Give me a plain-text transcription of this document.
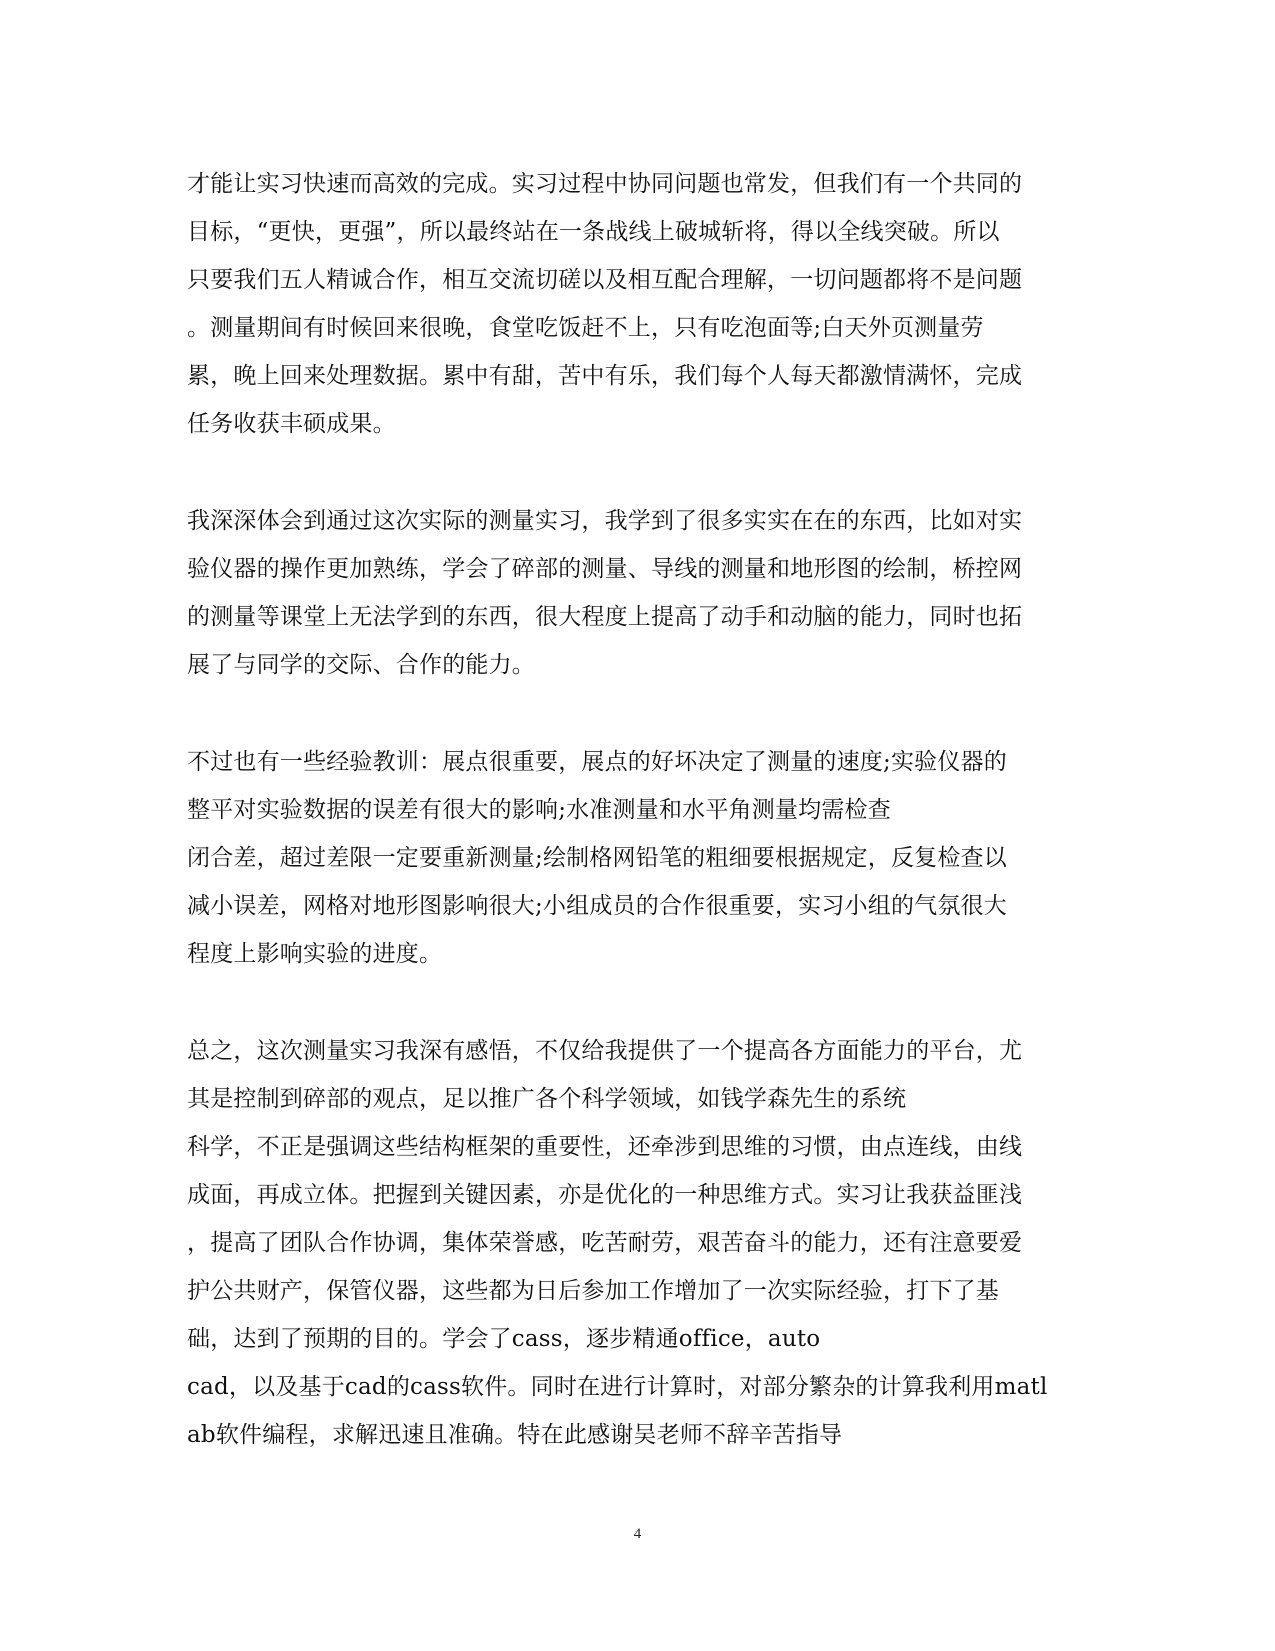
才能让实习快速而高效的完成。实习过程中协同问题也常发，但我们有一个共同的
目标，“更快，更强”，所以最终站在一条战线上破城斩将，得以全线突破。所以
只要我们五人精诚合作，相互交流切磋以及相互配合理解，一切问题都将不是问题
。测量期间有时候回来很晚，食堂吃饭赶不上，只有吃泡面等;白天外页测量劳
累，晚上回来处理数据。累中有甜，苦中有乐，我们每个人每天都激情满怀，完成
任务收获丰硕成果。
我深深体会到通过这次实际的测量实习，我学到了很多实实在在的东西，比如对实
验仪器的操作更加熟练，学会了碎部的测量、导线的测量和地形图的绘制，桥控网
的测量等课堂上无法学到的东西，很大程度上提高了动手和动脑的能力，同时也拓
展了与同学的交际、合作的能力。
不过也有一些经验教训：展点很重要，展点的好坏决定了测量的速度;实验仪器的
整平对实验数据的误差有很大的影响;水准测量和水平角测量均需检查
闭合差，超过差限一定要重新测量;绘制格网铅笔的粗细要根据规定，反复检查以
减小误差，网格对地形图影响很大;小组成员的合作很重要，实习小组的气氛很大
程度上影响实验的进度。
总之，这次测量实习我深有感悟，不仅给我提供了一个提高各方面能力的平台，尤
其是控制到碎部的观点，足以推广各个科学领域，如钱学森先生的系统
科学，不正是强调这些结构框架的重要性，还牵涉到思维的习惯，由点连线，由线
成面，再成立体。把握到关键因素，亦是优化的一种思维方式。实习让我获益匪浅
，提高了团队合作协调，集体荣誉感，吃苦耐劳，艰苦奋斗的能力，还有注意要爱
护公共财产，保管仪器，这些都为日后参加工作增加了一次实际经验，打下了基
础，达到了预期的目的。学会了cass，逐步精通office，auto
cad，以及基于cad的cass软件。同时在进行计算时，对部分繁杂的计算我利用matl
ab软件编程，求解迅速且准确。特在此感谢吴老师不辞辛苦指导
4
